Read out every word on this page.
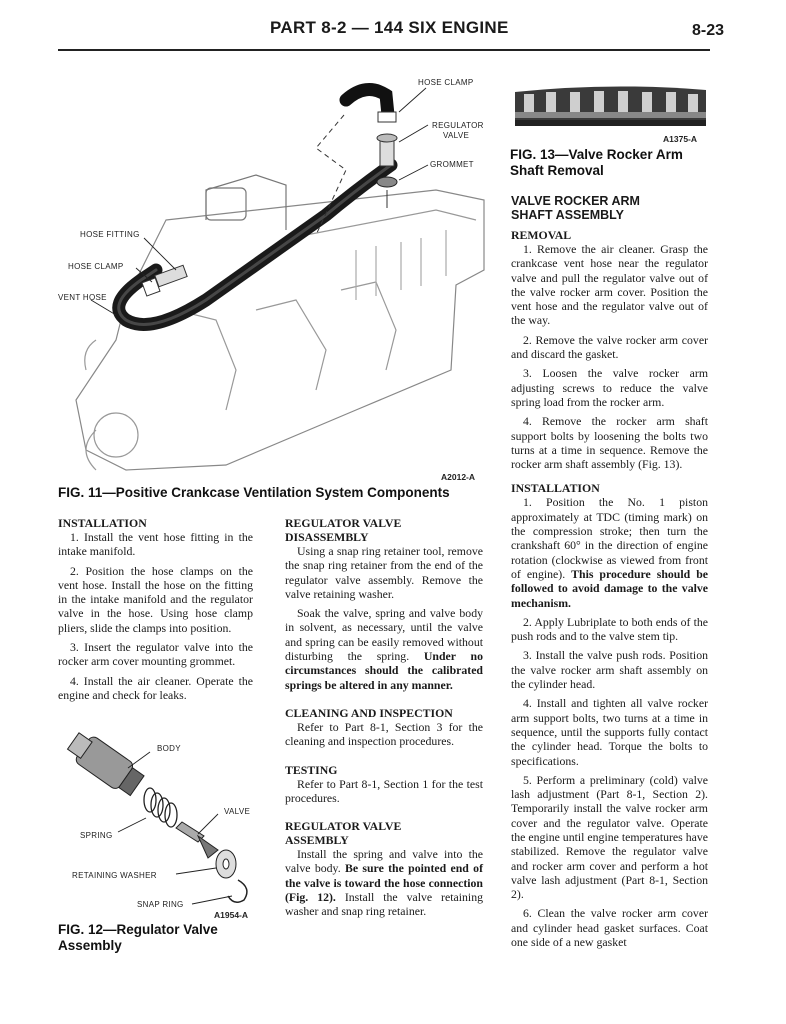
PART 8-2 — 144 SIX ENGINE	8-23
HOSE CLAMP
REGULATOR
VALVE
GROMMET
HOSE FITTING
HOSE CLAMP
VENT HOSE
A2012-A
FIG. 11—Positive Crankcase Ventilation System Components
A1375-A
FIG. 13—Valve Rocker Arm
Shaft Removal
INSTALLATION

1. Install the vent hose fitting in the intake manifold.

2. Position the hose clamps on the vent hose. Install the hose on the fitting in the intake manifold and the regulator valve in the hose. Using hose clamp pliers, slide the clamps into position.

3. Insert the regulator valve into the rocker arm cover mounting grommet.

4. Install the air cleaner. Operate the engine and check for leaks.

BODY
VALVE
SPRING
RETAINING WASHER
SNAP RING
A1954-A
FIG. 12—Regulator Valve
Assembly
REGULATOR VALVE
DISASSEMBLY

Using a snap ring retainer tool, remove the snap ring retainer from the end of the regulator valve assembly. Remove the valve retaining washer.

Soak the valve, spring and valve body in solvent, as necessary, until the valve and spring can be easily removed without disturbing the spring. Under no circumstances should the calibrated springs be altered in any manner.

CLEANING AND INSPECTION

Refer to Part 8-1, Section 3 for the cleaning and inspection procedures.

TESTING

Refer to Part 8-1, Section 1 for the test procedures.

REGULATOR VALVE
ASSEMBLY

Install the spring and valve into the valve body. Be sure the pointed end of the valve is toward the hose connection (Fig. 12). Install the valve retaining washer and snap ring retainer.

VALVE ROCKER ARM
SHAFT ASSEMBLY
REMOVAL

1. Remove the air cleaner. Grasp the crankcase vent hose near the regulator valve and pull the regulator valve out of the valve rocker arm cover. Position the vent hose and the regulator valve out of the way.

2. Remove the valve rocker arm cover and discard the gasket.

3. Loosen the valve rocker arm adjusting screws to reduce the valve spring load from the rocker arm.

4. Remove the rocker arm shaft support bolts by loosening the bolts two turns at a time in sequence. Remove the rocker arm shaft assembly (Fig. 13).

INSTALLATION

1. Position the No. 1 piston approximately at TDC (timing mark) on the compression stroke; then turn the crankshaft 60° in the direction of engine rotation (clockwise as viewed from front of engine). This procedure should be followed to avoid damage to the valve mechanism.

2. Apply Lubriplate to both ends of the push rods and to the valve stem tip.

3. Install the valve push rods. Position the valve rocker arm shaft assembly on the cylinder head.

4. Install and tighten all valve rocker arm support bolts, two turns at a time in sequence, until the supports fully contact the cylinder head. Torque the bolts to specifications.

5. Perform a preliminary (cold) valve lash adjustment (Part 8-1, Section 2). Temporarily install the valve rocker arm cover and the regulator valve. Operate the engine until engine temperatures have stabilized. Remove the regulator valve and rocker arm cover and perform a hot valve lash adjustment (Part 8-1, Section 2).

6. Clean the valve rocker arm cover and cylinder head gasket surfaces. Coat one side of a new gasket
